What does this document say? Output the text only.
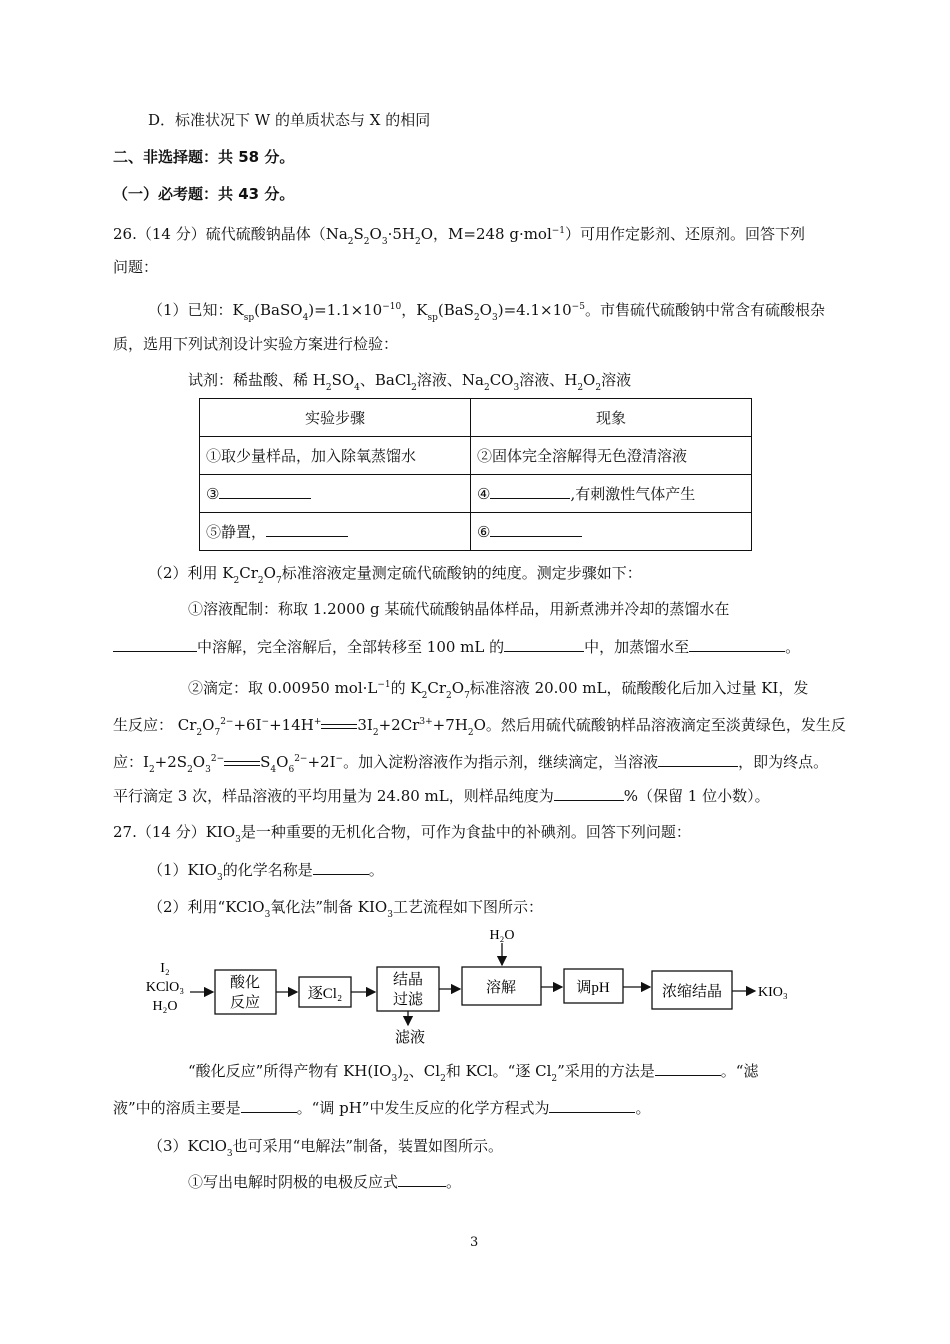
D．标准状况下 W 的单质状态与 X 的相同
二、非选择题：共 58 分。
（一）必考题：共 43 分。
26.（14 分）硫代硫酸钠晶体（$Na_2S_2O_3\cdot 5H_2O$，M=248 g·mol$^{-1}$）可用作定影剂、还原剂。回答下列
问题：
（1）已知：$K_{sp}(BaSO_4)=1.1\times 10^{-10}$，$K_{sp}(BaS_2O_3)=4.1\times 10^{-5}$。市售硫代硫酸钠中常含有硫酸根杂
质，选用下列试剂设计实验方案进行检验：
试剂：稀盐酸、稀 $H_2SO_4$、BaCl$_2$溶液、$Na_2CO_3$溶液、$H_2O_2$溶液
实验步骤	现象
①取少量样品，加入除氧蒸馏水	②固体完全溶解得无色澄清溶液
③	④ ,有刺激性气体产生
⑤静置，	⑥
（2）利用 $K_2Cr_2O_7$标准溶液定量测定硫代硫酸钠的纯度。测定步骤如下：
①溶液配制：称取 1.2000 g 某硫代硫酸钠晶体样品，用新煮沸并冷却的蒸馏水在
中溶解，完全溶解后，全部转移至 100 mL 的	中，加蒸馏水至	。
②滴定：取 0.00950 $mol\cdot L^{-1}$的 $K_2Cr_2O_7$标准溶液 20.00 mL，硫酸酸化后加入过量 KI，发
生反应： $Cr_2O_7^{2-}+6I^-+14H^+$ $3I_2+2Cr^{3+}+7H_2O$。然后用硫代硫酸钠样品溶液滴定至淡黄绿色，发生反
应：$I_2+2S_2O_3^{2-}$ $S_4O_6^{2-}+2I^-$。加入淀粉溶液作为指示剂，继续滴定，当溶液	，即为终点。
平行滴定 3 次，样品溶液的平均用量为 24.80 mL，则样品纯度为	%（保留 1 位小数）。
27.（14 分）$KIO_3$是一种重要的无机化合物，可作为食盐中的补碘剂。回答下列问题：
$(1)KIO_3$的化学名称是	。
（2）利用“KClO$_3$氧化法”制备 $KIO_3$工艺流程如下图所示：
I₂
KClO₃
H₂O
酸化
反应
逐Cl₂
结晶
过滤
滤液
溶解
H₂O
调pH	浓缩结晶	KIO₃
“酸化反应”所得产物有 $KH(IO_3)_2$、$Cl_2$和 KCl。“逐 $Cl_2$”采用的方法是	。“滤
液”中的溶质主要是	。“调 pH”中发生反应的化学方程式为	。
（3）KClO$_3$也可采用“电解法”制备，装置如图所示。
①写出电解时阴极的电极反应式	。
3
